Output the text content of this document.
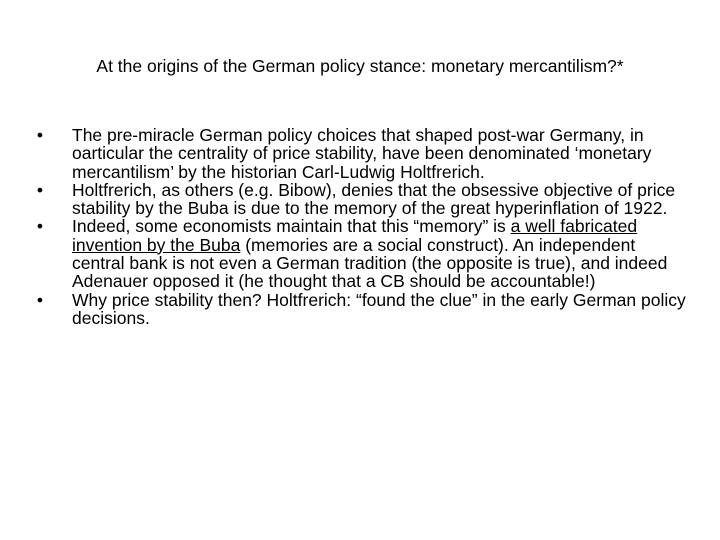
At the origins of the German policy stance: monetary mercantilism?*
•	The pre-miracle German policy choices that shaped post-war Germany, in oarticular the centrality of price stability, have been denominated ‘monetary mercantilism’ by the historian Carl-Ludwig Holtfrerich.
•	Holtfrerich, as others (e.g. Bibow), denies that the obsessive objective of price stability by the Buba is due to the memory of the great hyperinflation of 1922.
•	Indeed, some economists maintain that this “memory” is a well fabricated invention by the Buba (memories are a social construct). An independent central bank is not even a German tradition (the opposite is true), and indeed Adenauer opposed it (he thought that a CB should be accountable!)
•	Why price stability then? Holtfrerich: “found the clue” in the early German policy decisions.
